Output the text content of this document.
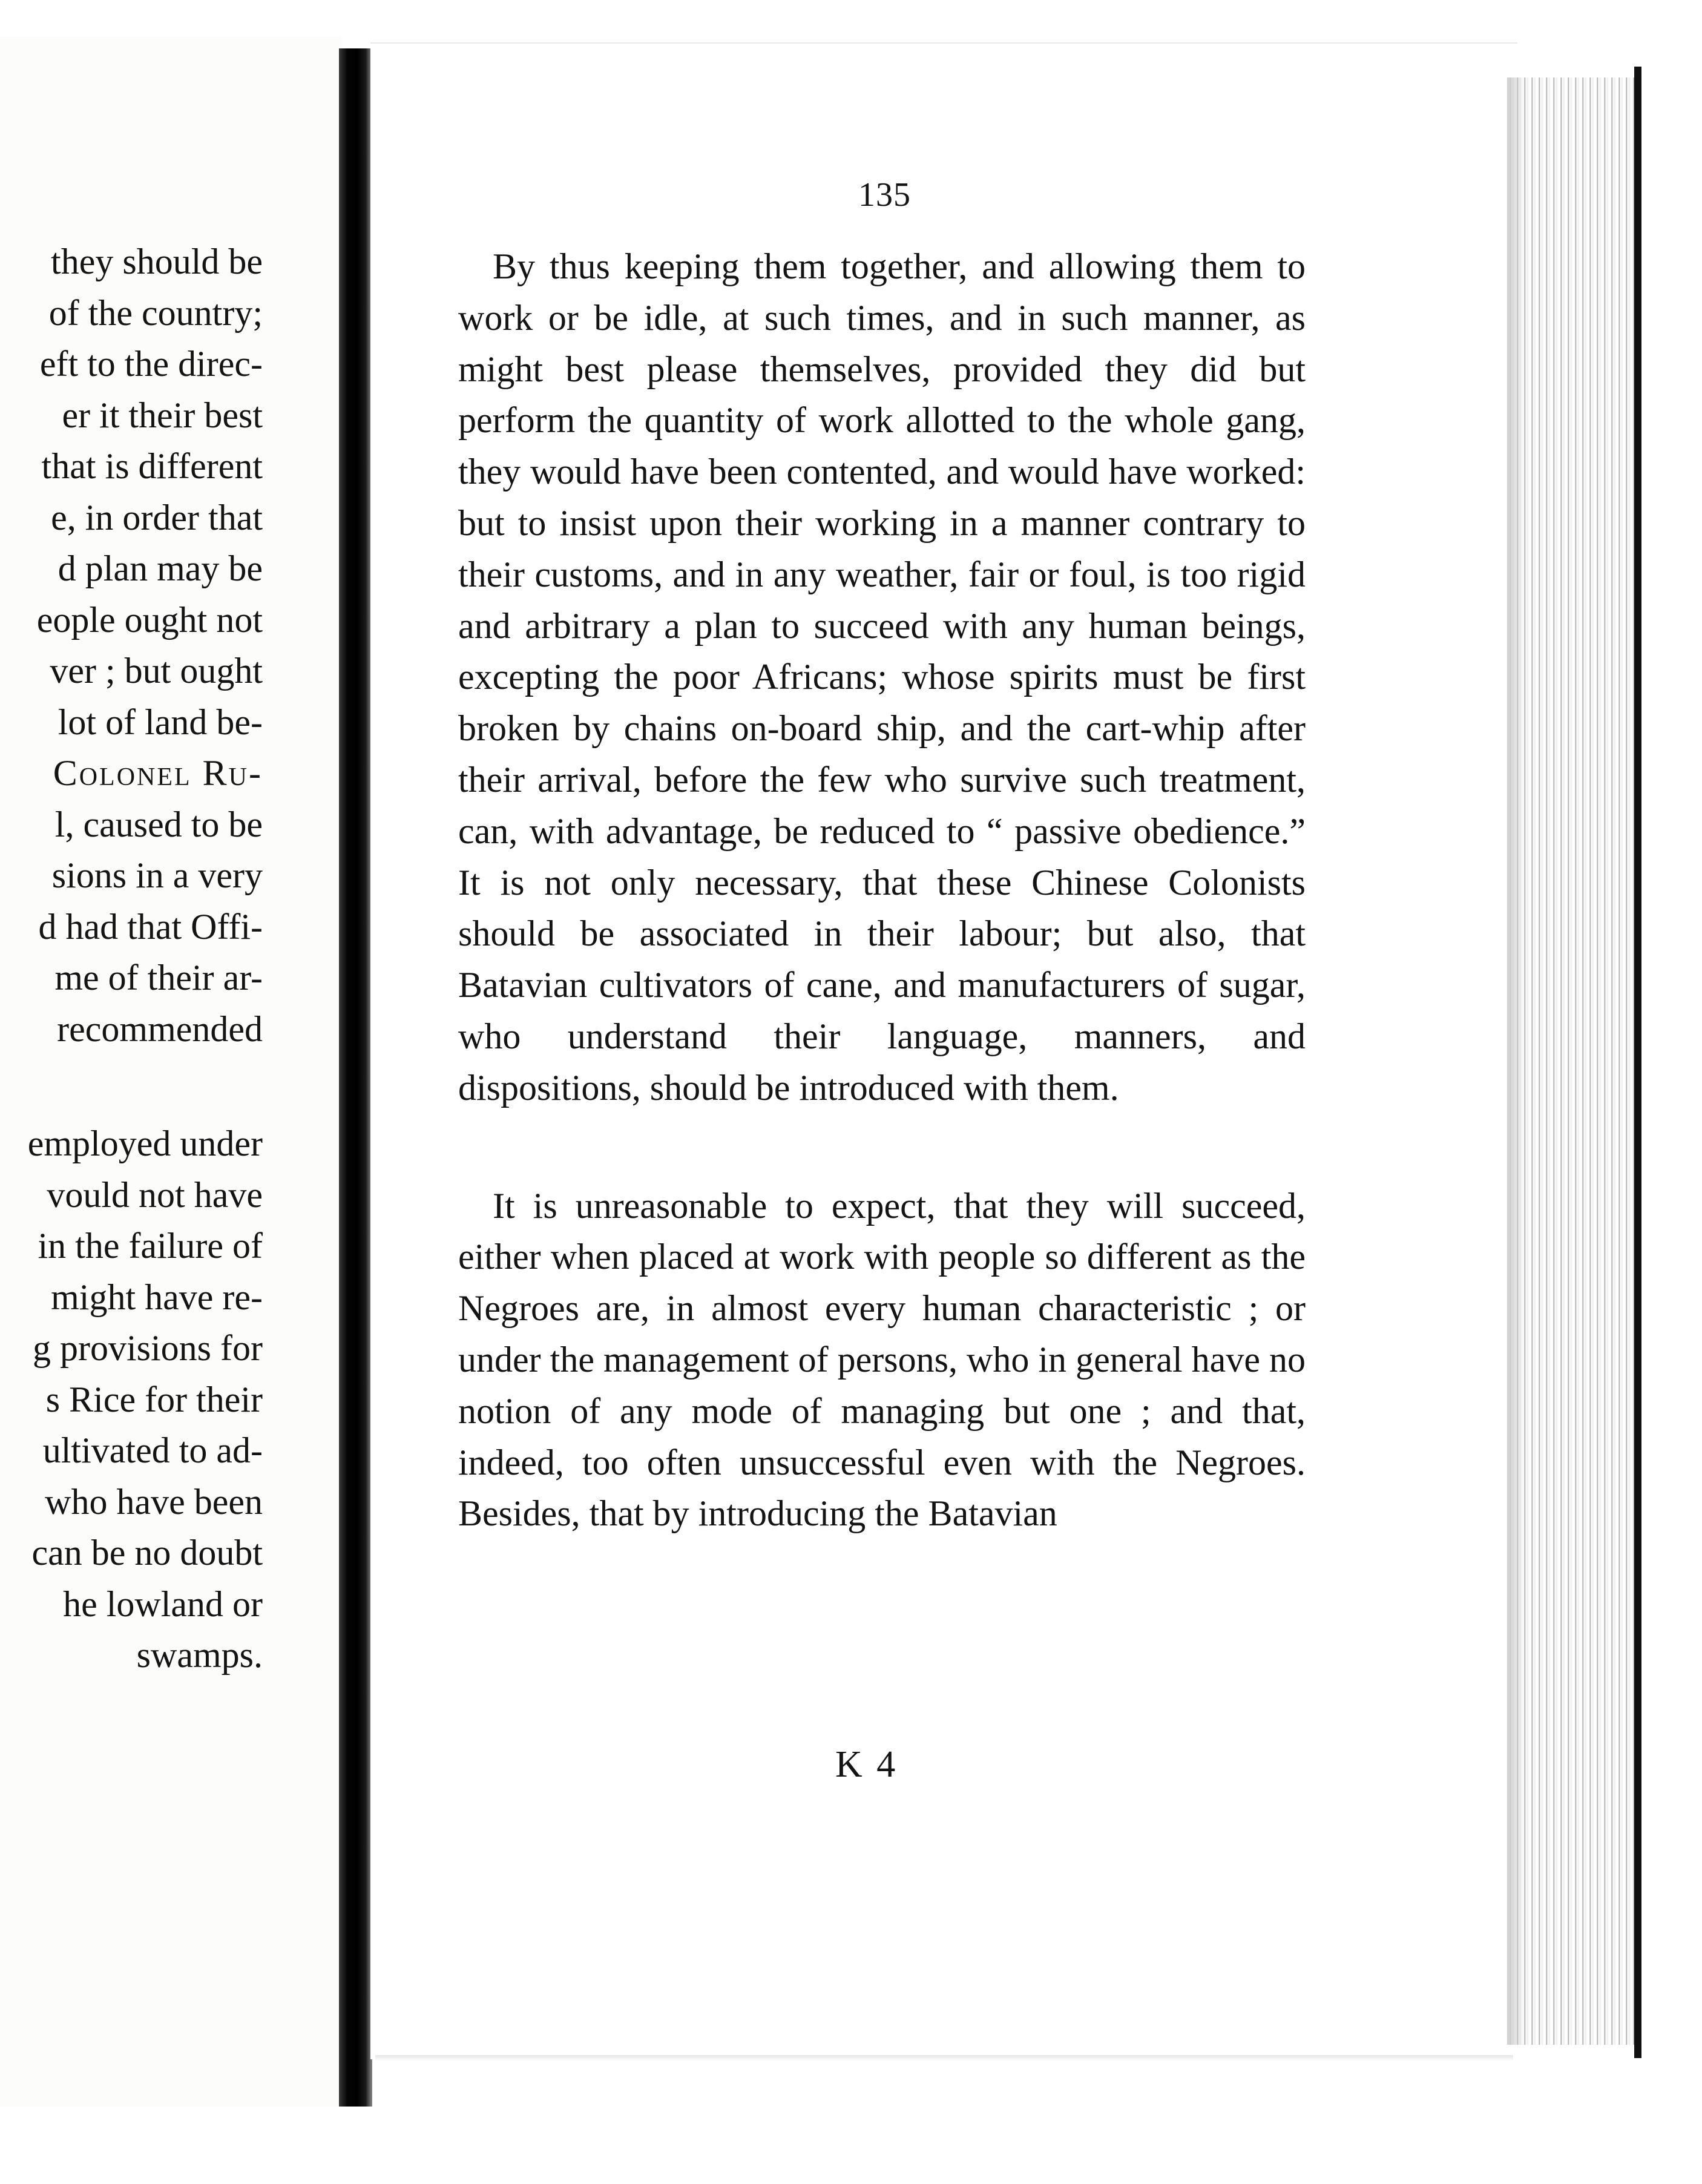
they should be
of the country;
eft to the direc-
er it their best
that is different
e, in order that
d plan may be
eople ought not
ver ; but ought
lot of land be-
Colonel Ru-
l, caused to be
sions in a very
d had that Offi-
me of their ar-
recommended
employed under
vould not have
in the failure of
might have re-
g provisions for
s Rice for their
ultivated to ad-
who have been
can be no doubt
he lowland or
swamps.
135

By thus keeping them together, and allowing them to work or be idle, at such times, and in such manner, as might best please themselves, provided they did but perform the quantity of work allotted to the whole gang, they would have been contented, and would have worked: but to insist upon their working in a manner contrary to their customs, and in any weather, fair or foul, is too rigid and arbitrary a plan to succeed with any human beings, excepting the poor Africans; whose spirits must be first broken by chains on-board ship, and the cart-whip after their arrival, before the few who survive such treatment, can, with advantage, be reduced to “ passive obedience.” It is not only necessary, that these Chinese Colonists should be associated in their labour; but also, that Batavian cultivators of cane, and manufacturers of sugar, who understand their language, manners, and dispositions, should be introduced with them.

It is unreasonable to expect, that they will succeed, either when placed at work with people so different as the Negroes are, in almost every human characteristic ; or under the management of persons, who in general have no notion of any mode of managing but one ; and that, indeed, too often unsuccessful even with the Negroes. Besides, that by introducing the Batavian

K 4
